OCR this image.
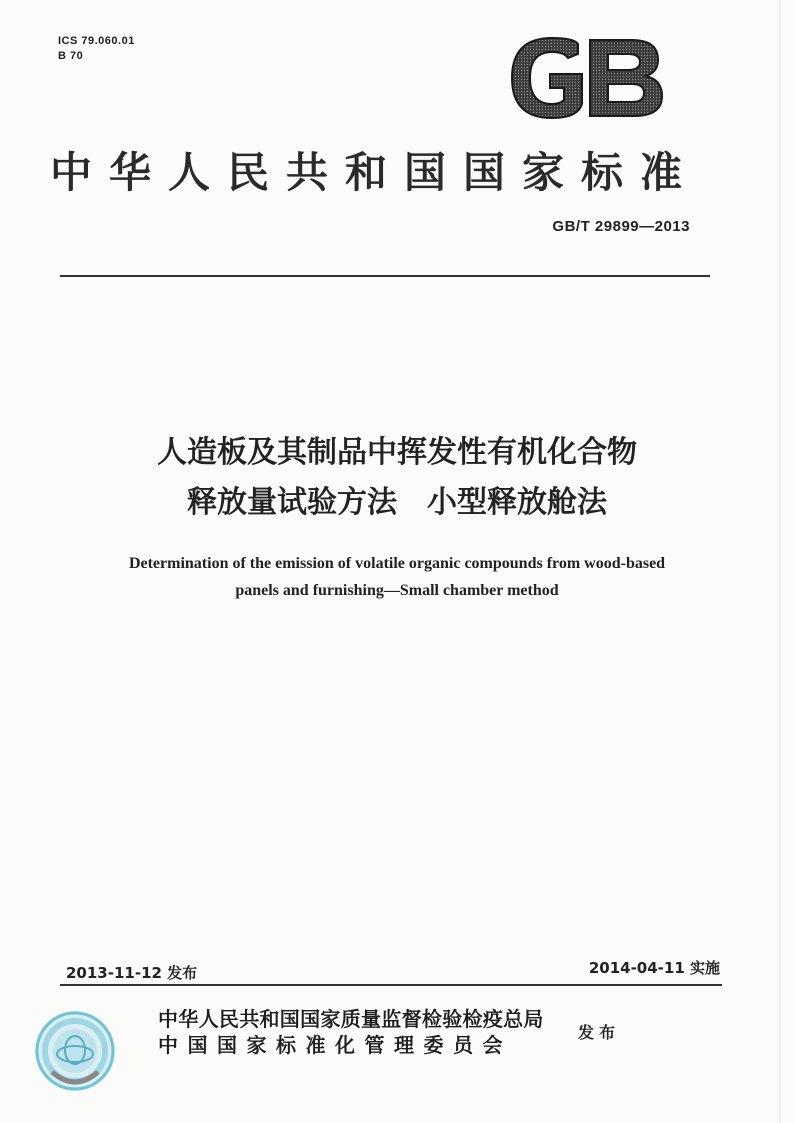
ICS 79.060.01
B 70
中华人民共和国国家标准
GB/T 29899—2013
人造板及其制品中挥发性有机化合物
释放量试验方法　小型释放舱法
Determination of the emission of volatile organic compounds from wood-based
panels and furnishing—Small chamber method
2013-11-12 发布	2014-04-11 实施
中华人民共和国国家质量监督检验检疫总局
中国国家标准化管理委员会
发布
